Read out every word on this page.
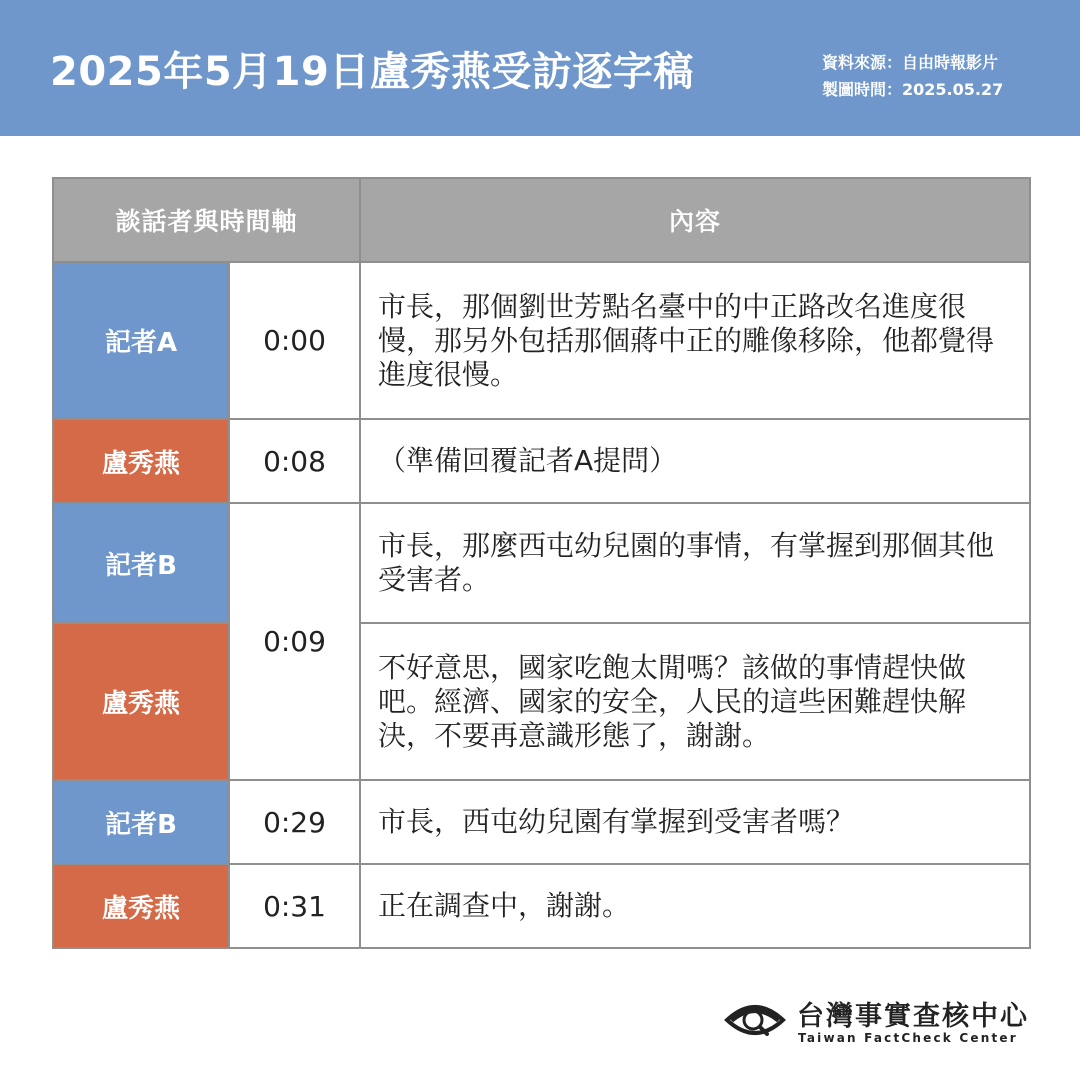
2025年5月19日盧秀燕受訪逐字稿	資料來源：自由時報影片
製圖時間：2025.05.27
談話者與時間軸		內容
記者A	0:00	市長，那個劉世芳點名臺中的中正路改名進度很慢，那另外包括那個蔣中正的雕像移除，他都覺得進度很慢。
盧秀燕	0:08	（準備回覆記者A提問）
記者B	0:09	市長，那麼西屯幼兒園的事情，有掌握到那個其他受害者。
盧秀燕		不好意思，國家吃飽太閒嗎？該做的事情趕快做吧。經濟、國家的安全，人民的這些困難趕快解決，不要再意識形態了，謝謝。
記者B	0:29	市長，西屯幼兒園有掌握到受害者嗎？
盧秀燕	0:31	正在調查中，謝謝。
台灣事實查核中心
Taiwan FactCheck Center
